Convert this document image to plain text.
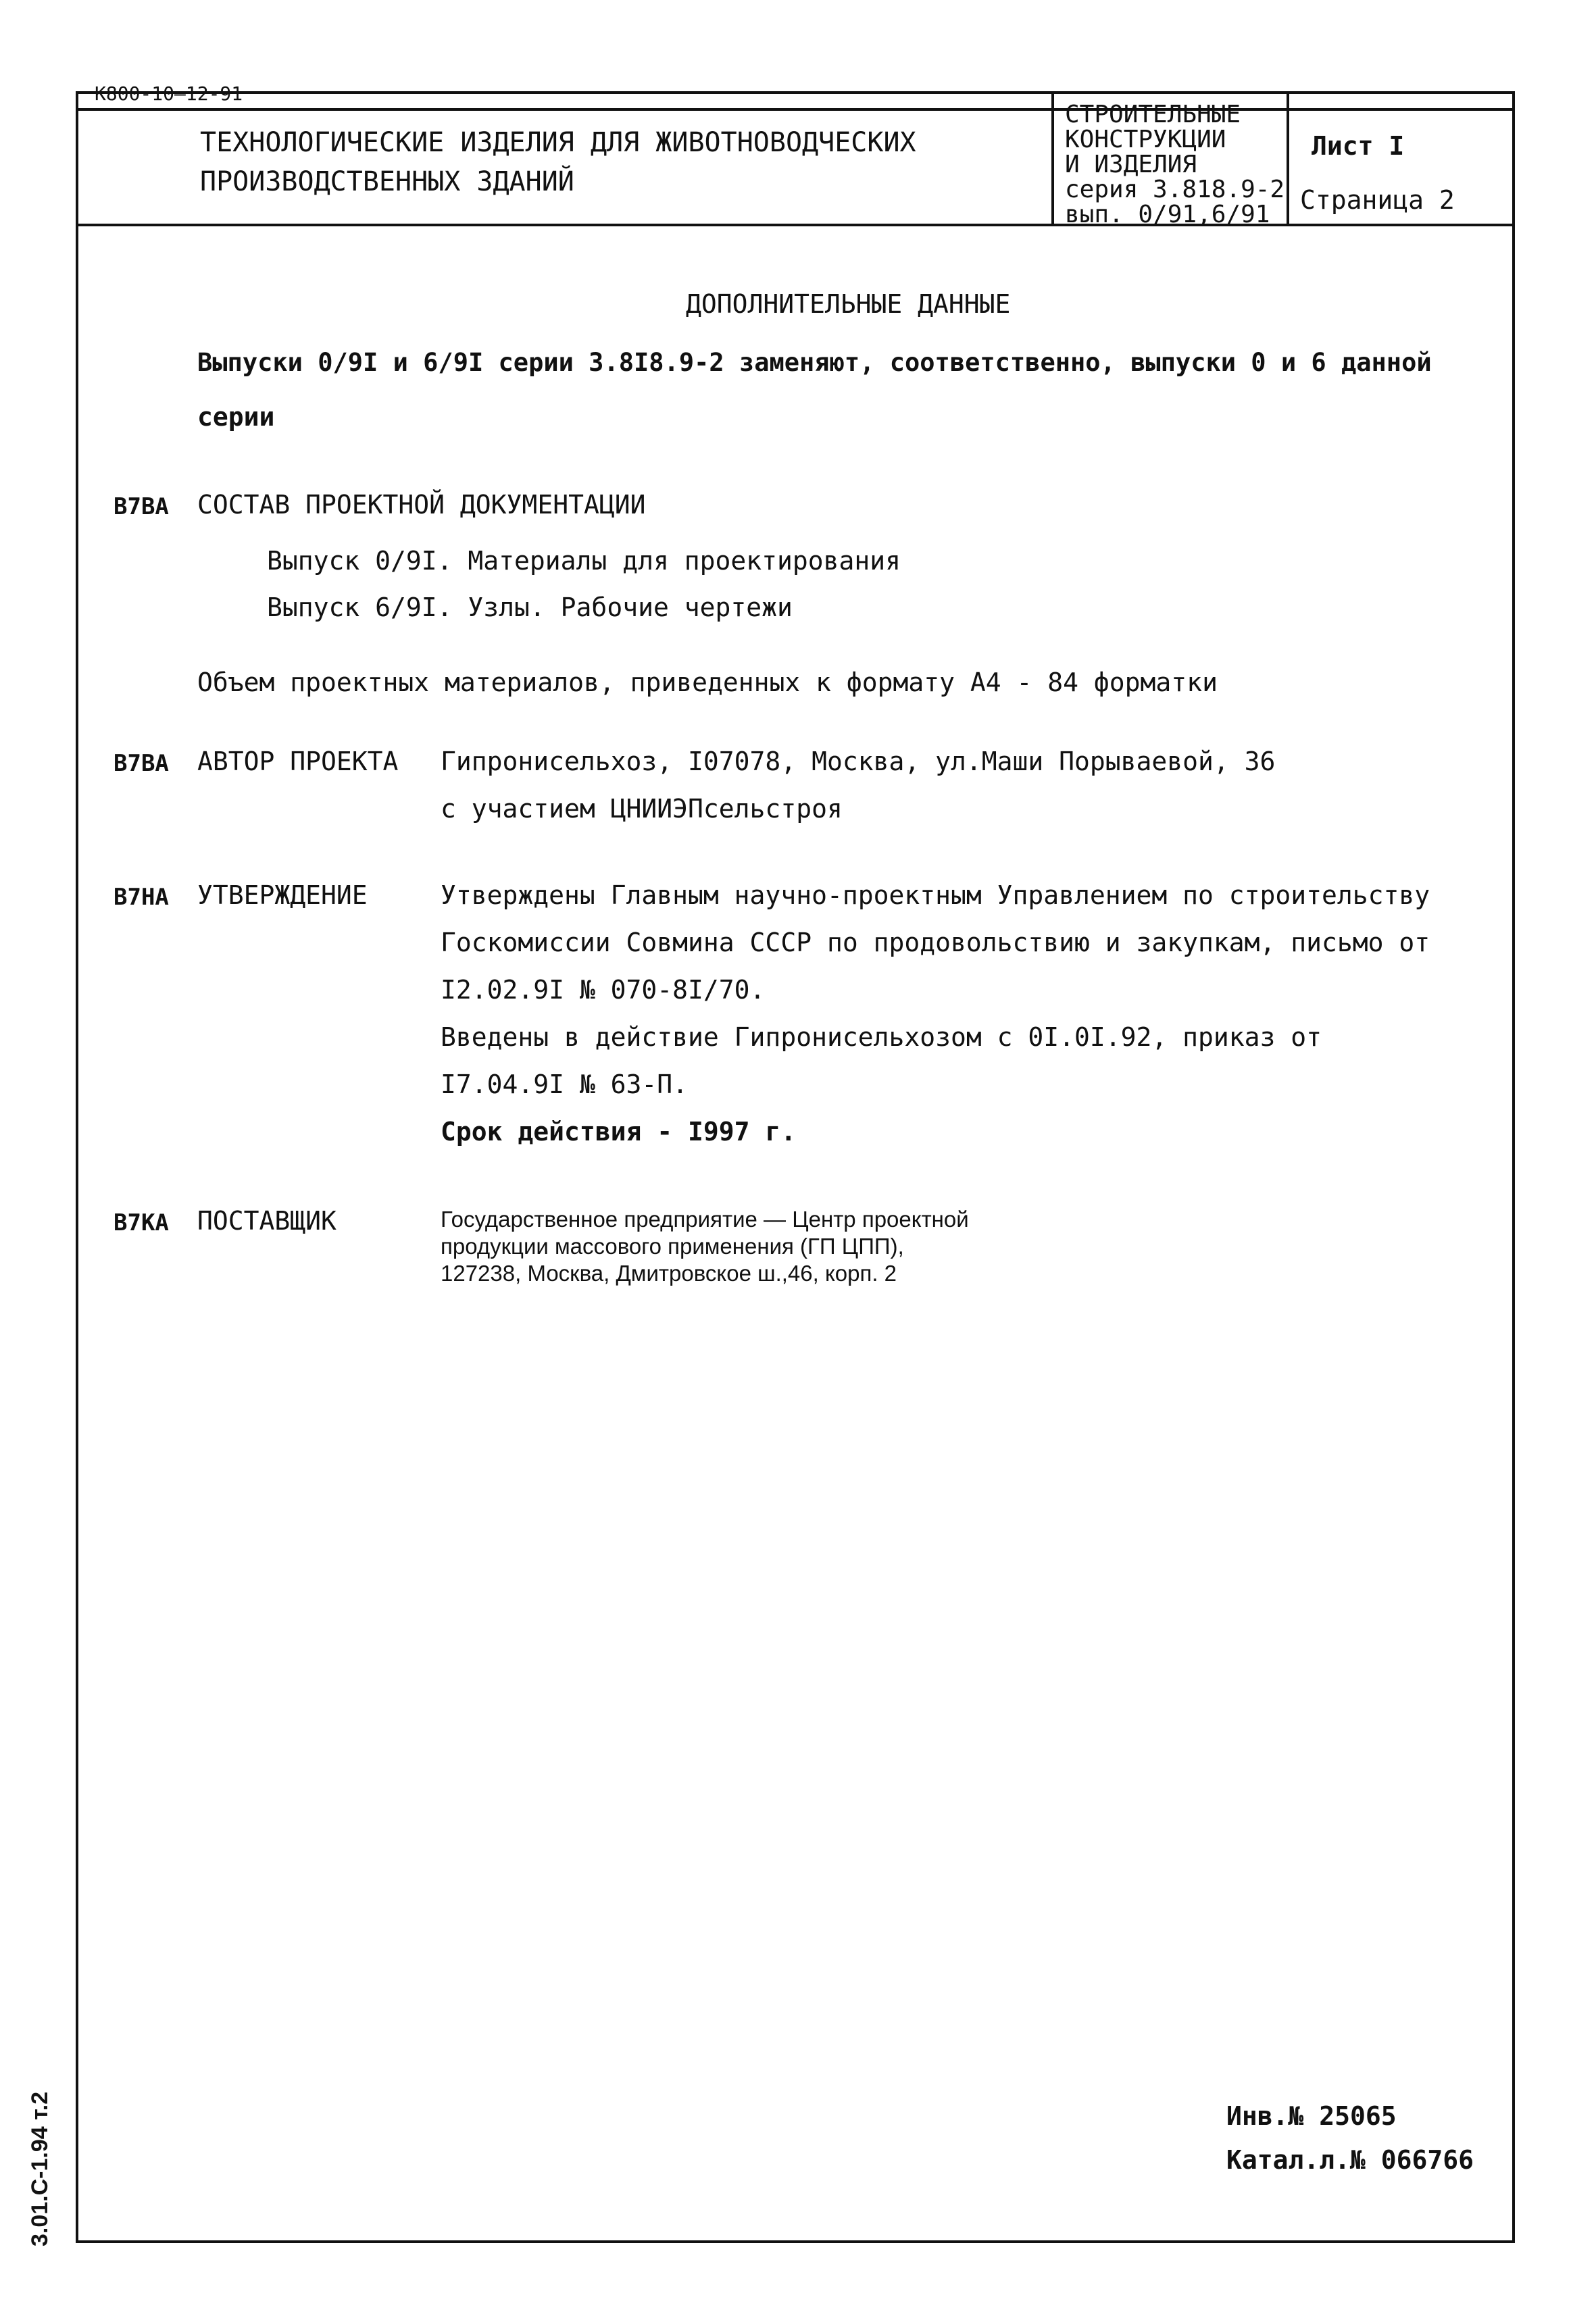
К800-10—12-91
ТЕХНОЛОГИЧЕСКИЕ ИЗДЕЛИЯ ДЛЯ ЖИВОТНОВОДЧЕСКИХ
ПРОИЗВОДСТВЕННЫХ ЗДАНИЙ
СТРОИТЕЛЬНЫЕ
КОНСТРУКЦИИ
И ИЗДЕЛИЯ
серия 3.818.9-2
вып. 0/91,6/91
Лист I
Страница 2
ДОПОЛНИТЕЛЬНЫЕ ДАННЫЕ
Выпуски 0/9I и 6/9I серии 3.8I8.9-2 заменяют, соответственно, выпуски 0 и 6 данной
серии
В7ВА СОСТАВ ПРОЕКТНОЙ ДОКУМЕНТАЦИИ
Выпуск 0/9I. Материалы для проектирования
Выпуск 6/9I. Узлы. Рабочие чертежи
Объем проектных материалов, приведенных к формату А4 - 84 форматки
В7ВА АВТОР ПРОЕКТА Гипронисельхоз, I07078, Москва, ул.Маши Порываевой, 36
с участием ЦНИИЭПсельстроя
В7НА УТВЕРЖДЕНИЕ	Утверждены Главным научно-проектным Управлением по строительству
Госкомиссии Совмина СССР по продовольствию и закупкам, письмо от
I2.02.9I № 070-8I/70.
Введены в действие Гипронисельхозом с 0I.0I.92, приказ от
I7.04.9I № 63-П.
Срок действия - I997 г.
В7КА ПОСТАВЩИК	Государственное предприятие — Центр проектной
продукции массового применения (ГП ЦПП),
127238, Москва, Дмитровское ш.,46, корп. 2
Инв.№ 25065
Катал.л.№ 066766
3.01.С-1.94 т.2
